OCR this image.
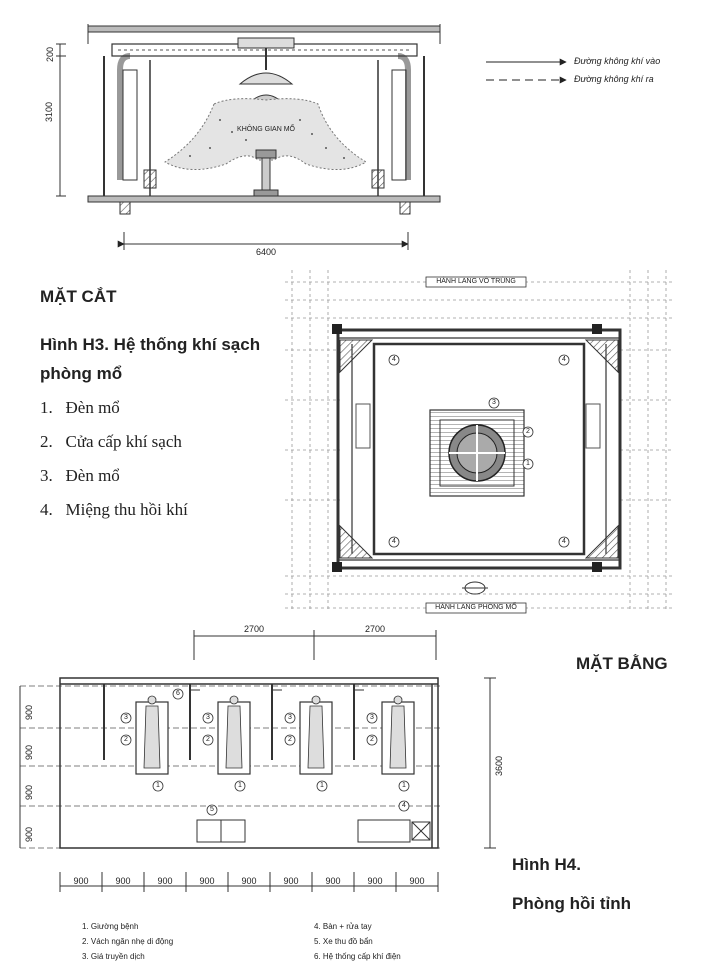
Đường không khí vào
Đường không khí ra
KHÔNG GIAN MỔ
6400
3100
200
MẶT CẮT
MẶT BẰNG
Hình H3. Hệ thống khí sạch phòng mổ
1.   Đèn mổ
2.   Cửa cấp khí sạch
3.   Đèn mổ
4.   Miệng thu hồi khí
HÀNH LANG VÔ TRÙNG
HÀNH LANG PHÒNG MỔ
3
2
1
4	4
4	4
2700	2700
900
900
900
900
3600
900	900	900	900	900	900	900	900	900
3
2
3
2
3
2
3
2
1	1	1	1
6
5
4
Hình H4.
Phòng hồi tỉnh
1. Giường bệnh
2. Vách ngăn nhẹ di động
3. Giá truyền dịch
4. Bàn + rửa tay
5. Xe thu đồ bẩn
6. Hệ thống cấp khí điện
